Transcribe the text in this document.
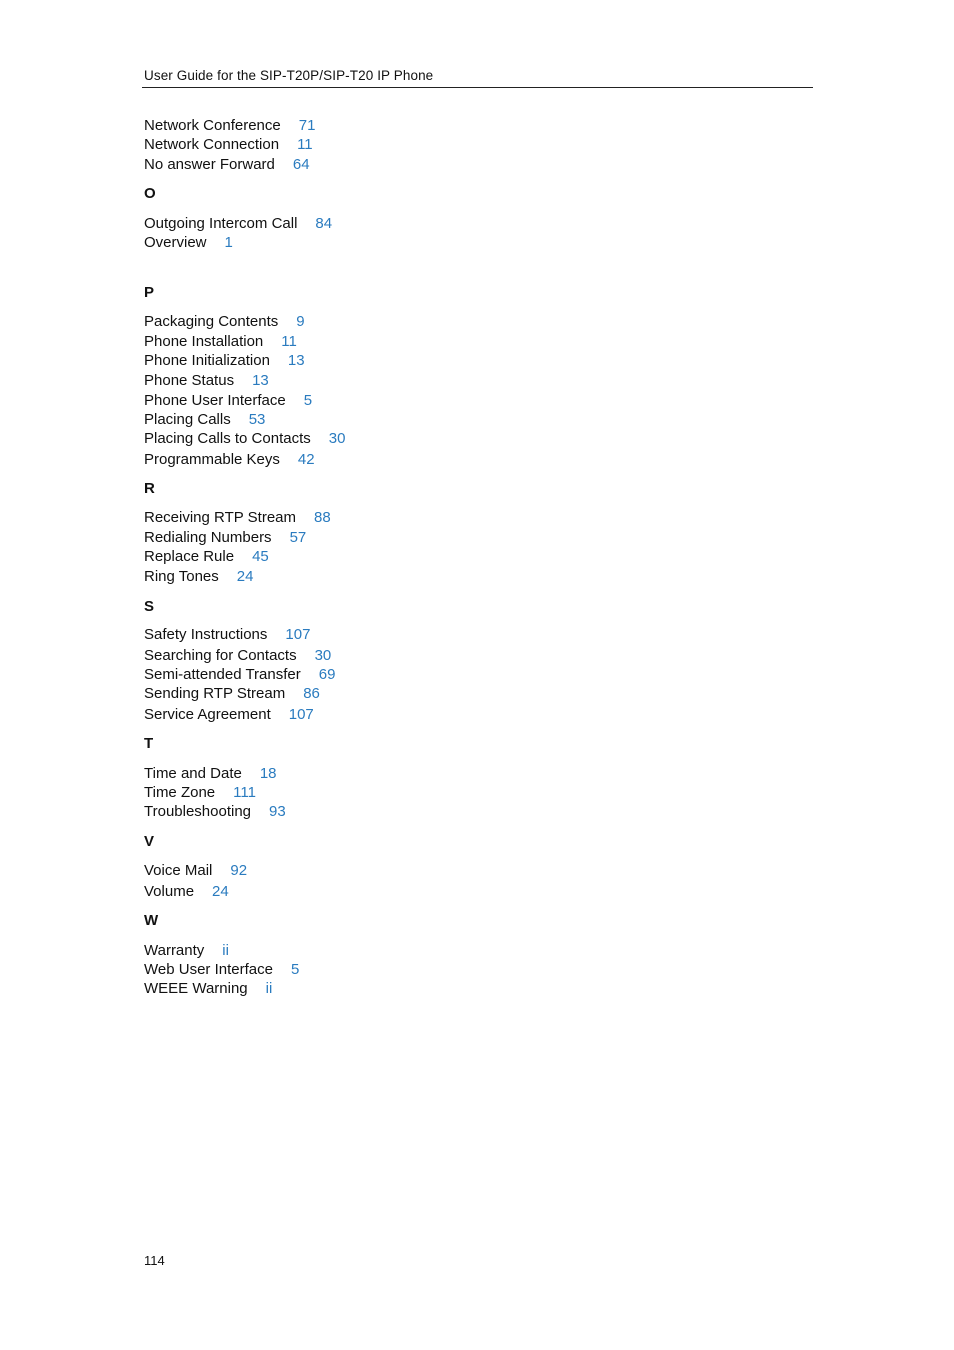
User Guide for the SIP-T20P/SIP-T20 IP Phone
Network Conference 71
Network Connection 11
No answer Forward 64
O
Outgoing Intercom Call 84
Overview 1
P
Packaging Contents 9
Phone Installation 11
Phone Initialization 13
Phone Status 13
Phone User Interface 5
Placing Calls 53
Placing Calls to Contacts 30
Programmable Keys 42
R
Receiving RTP Stream 88
Redialing Numbers 57
Replace Rule 45
Ring Tones 24
S
Safety Instructions 107
Searching for Contacts 30
Semi-attended Transfer 69
Sending RTP Stream 86
Service Agreement 107
T
Time and Date 18
Time Zone 111
Troubleshooting 93
V
Voice Mail 92
Volume 24
W
Warranty ii
Web User Interface 5
WEEE Warning ii
114
